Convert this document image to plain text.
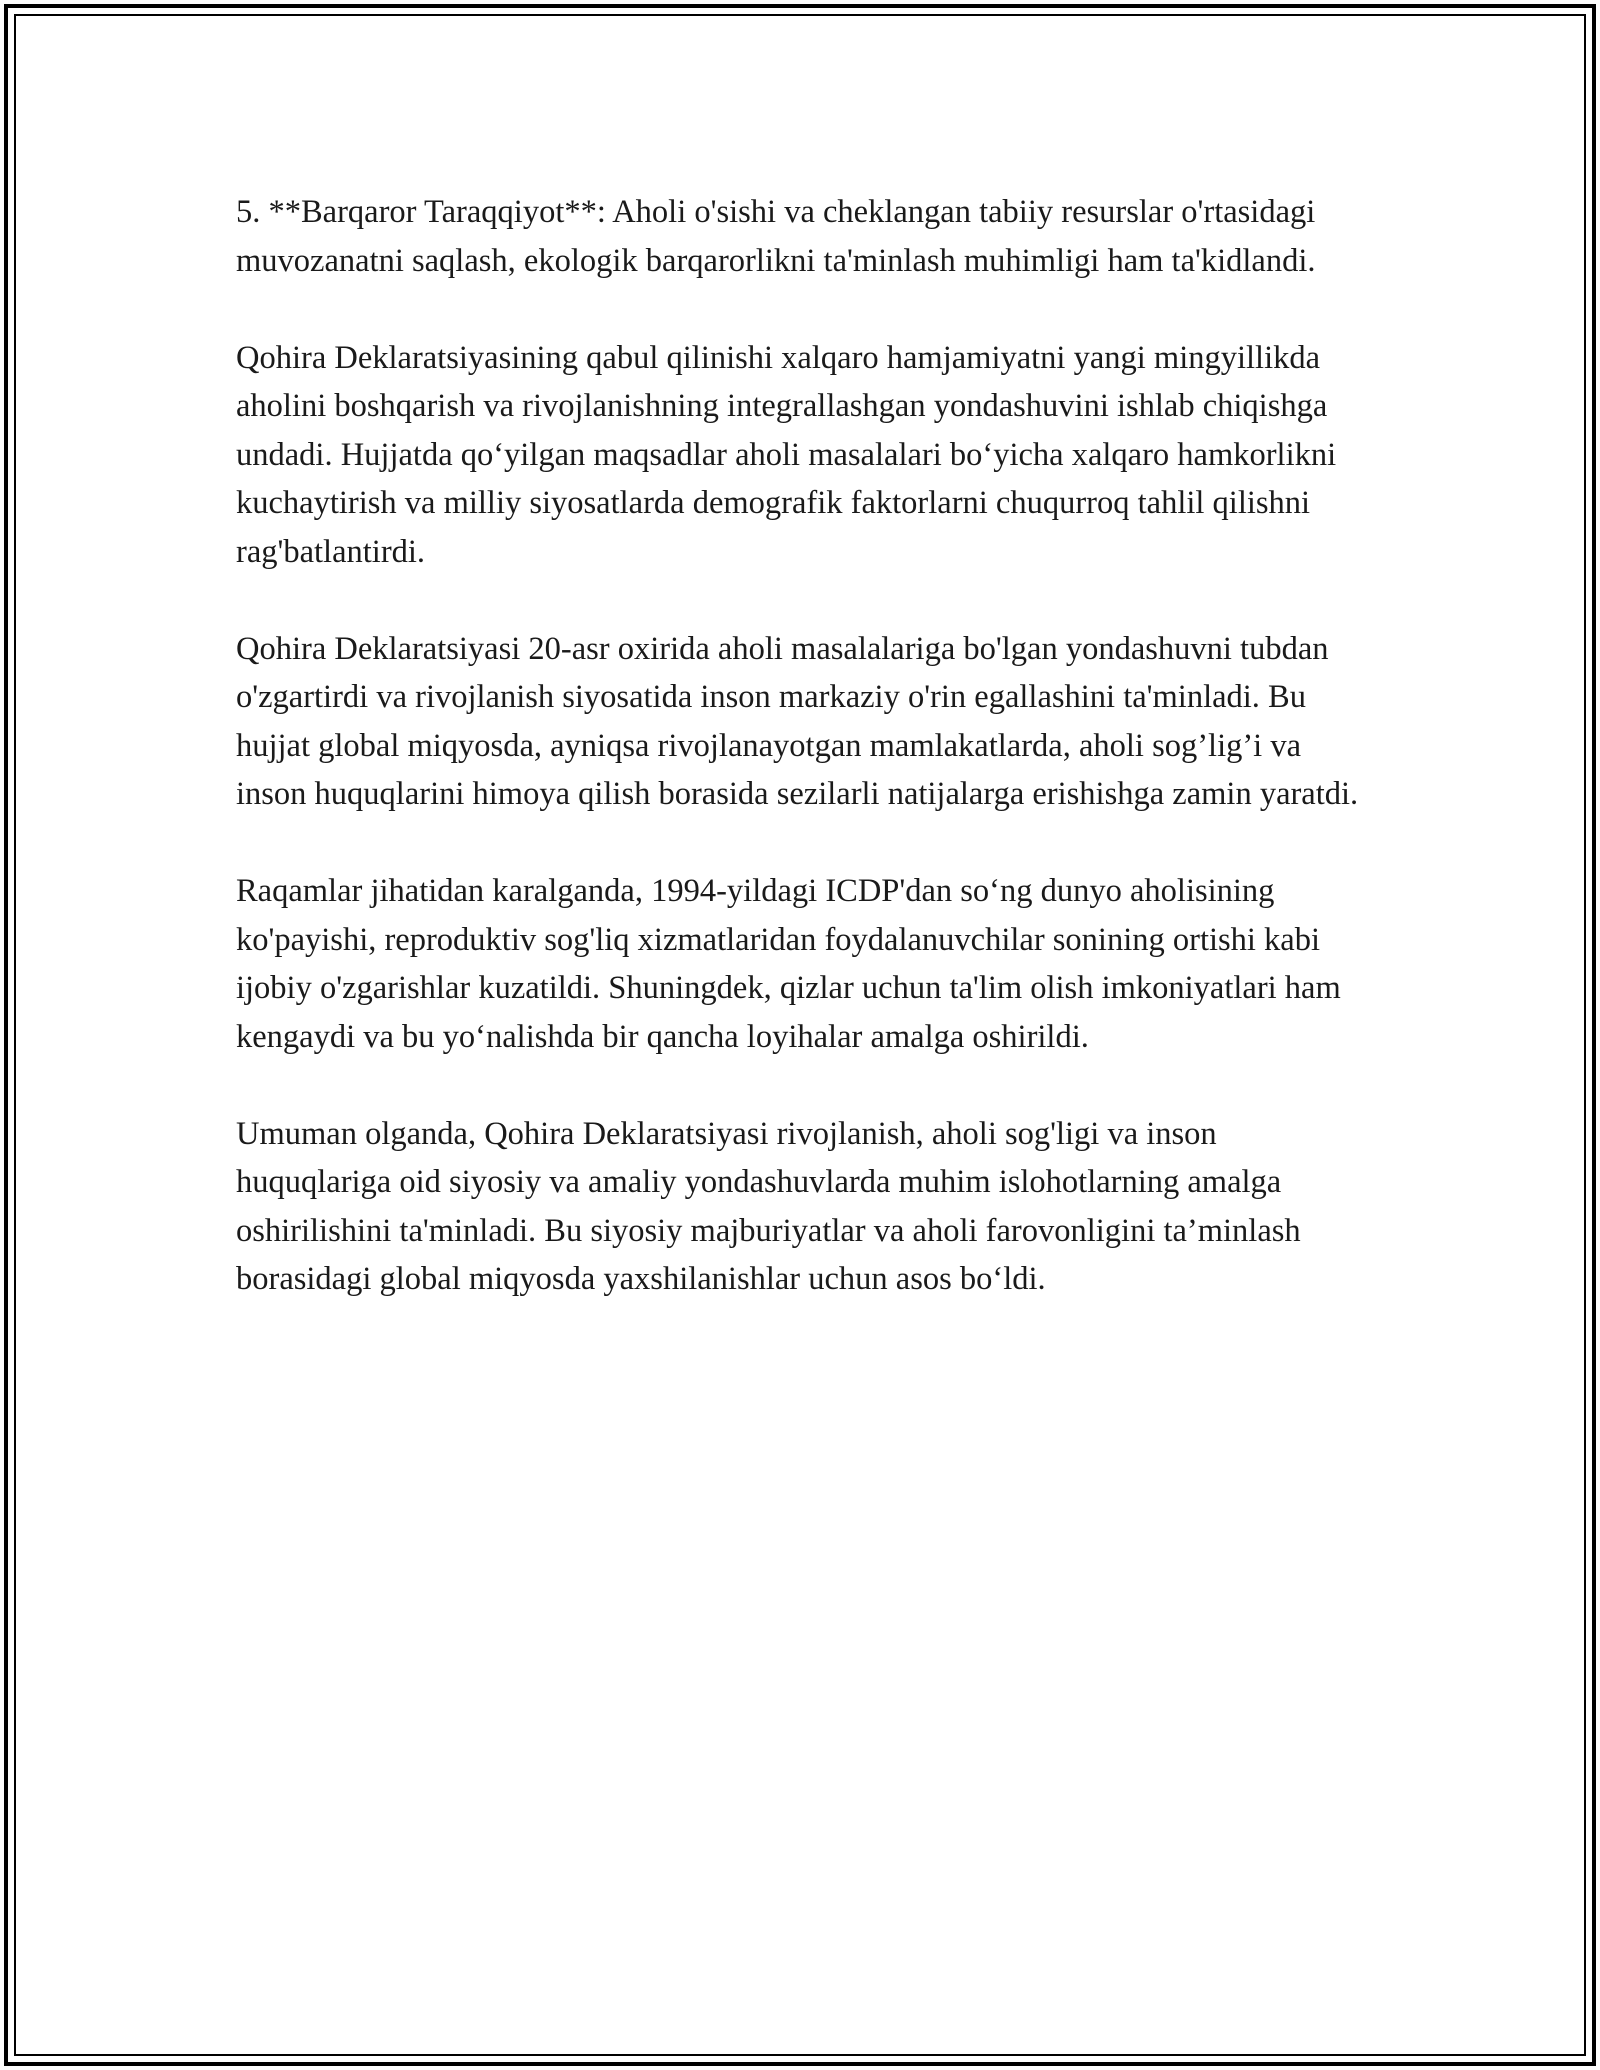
5. **Barqaror Taraqqiyot**: Aholi o'sishi va cheklangan tabiiy resurslar o'rtasidagi muvozanatni saqlash, ekologik barqarorlikni ta'minlash muhimligi ham ta'kidlandi.

Qohira Deklaratsiyasining qabul qilinishi xalqaro hamjamiyatni yangi mingyillikda aholini boshqarish va rivojlanishning integrallashgan yondashuvini ishlab chiqishga undadi. Hujjatda qo‘yilgan maqsadlar aholi masalalari bo‘yicha xalqaro hamkorlikni kuchaytirish va milliy siyosatlarda demografik faktorlarni chuqurroq tahlil qilishni rag'batlantirdi.

Qohira Deklaratsiyasi 20-asr oxirida aholi masalalariga bo'lgan yondashuvni tubdan o'zgartirdi va rivojlanish siyosatida inson markaziy o'rin egallashini ta'minladi. Bu hujjat global miqyosda, ayniqsa rivojlanayotgan mamlakatlarda, aholi sog’lig’i va inson huquqlarini himoya qilish borasida sezilarli natijalarga erishishga zamin yaratdi.

Raqamlar jihatidan karalganda, 1994-yildagi ICDP'dan so‘ng dunyo aholisining ko'payishi, reproduktiv sog'liq xizmatlaridan foydalanuvchilar sonining ortishi kabi ijobiy o'zgarishlar kuzatildi. Shuningdek, qizlar uchun ta'lim olish imkoniyatlari ham kengaydi va bu yo‘nalishda bir qancha loyihalar amalga oshirildi.

Umuman olganda, Qohira Deklaratsiyasi rivojlanish, aholi sog'ligi va inson huquqlariga oid siyosiy va amaliy yondashuvlarda muhim islohotlarning amalga oshirilishini ta'minladi. Bu siyosiy majburiyatlar va aholi farovonligini ta’minlash borasidagi global miqyosda yaxshilanishlar uchun asos bo‘ldi.
